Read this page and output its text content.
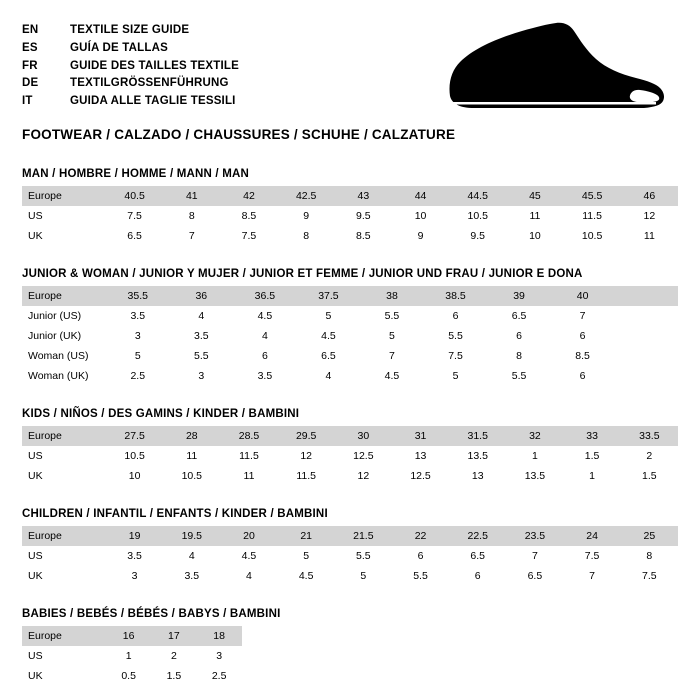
EN	TEXTILE SIZE GUIDE
ES	GUÍA DE TALLAS
FR	GUIDE DES TAILLES TEXTILE
DE	TEXTILGRÖSSENFÜHRUNG
IT	GUIDA ALLE TAGLIE TESSILI
FOOTWEAR / CALZADO / CHAUSSURES / SCHUHE / CALZATURE
MAN / HOMBRE / HOMME / MANN / MAN
Europe	40.5	41	42	42.5	43	44	44.5	45	45.5	46
US	7.5	8	8.5	9	9.5	10	10.5	11	11.5	12
UK	6.5	7	7.5	8	8.5	9	9.5	10	10.5	11
JUNIOR & WOMAN / JUNIOR Y MUJER / JUNIOR ET FEMME / JUNIOR UND FRAU / JUNIOR E DONA
Europe	35.5	36	36.5	37.5	38	38.5	39	40	
Junior (US)	3.5	4	4.5	5	5.5	6	6.5	7	
Junior (UK)	3	3.5	4	4.5	5	5.5	6	6	
Woman (US)	5	5.5	6	6.5	7	7.5	8	8.5	
Woman (UK)	2.5	3	3.5	4	4.5	5	5.5	6	
KIDS / NIÑOS / DES GAMINS / KINDER / BAMBINI
Europe	27.5	28	28.5	29.5	30	31	31.5	32	33	33.5
US	10.5	11	11.5	12	12.5	13	13.5	1	1.5	2
UK	10	10.5	11	11.5	12	12.5	13	13.5	1	1.5
CHILDREN / INFANTIL / ENFANTS / KINDER / BAMBINI
Europe	19	19.5	20	21	21.5	22	22.5	23.5	24	25
US	3.5	4	4.5	5	5.5	6	6.5	7	7.5	8
UK	3	3.5	4	4.5	5	5.5	6	6.5	7	7.5
BABIES / BEBÉS / BÉBÉS / BABYS / BAMBINI
Europe	16	17	18
US	1	2	3
UK	0.5	1.5	2.5
